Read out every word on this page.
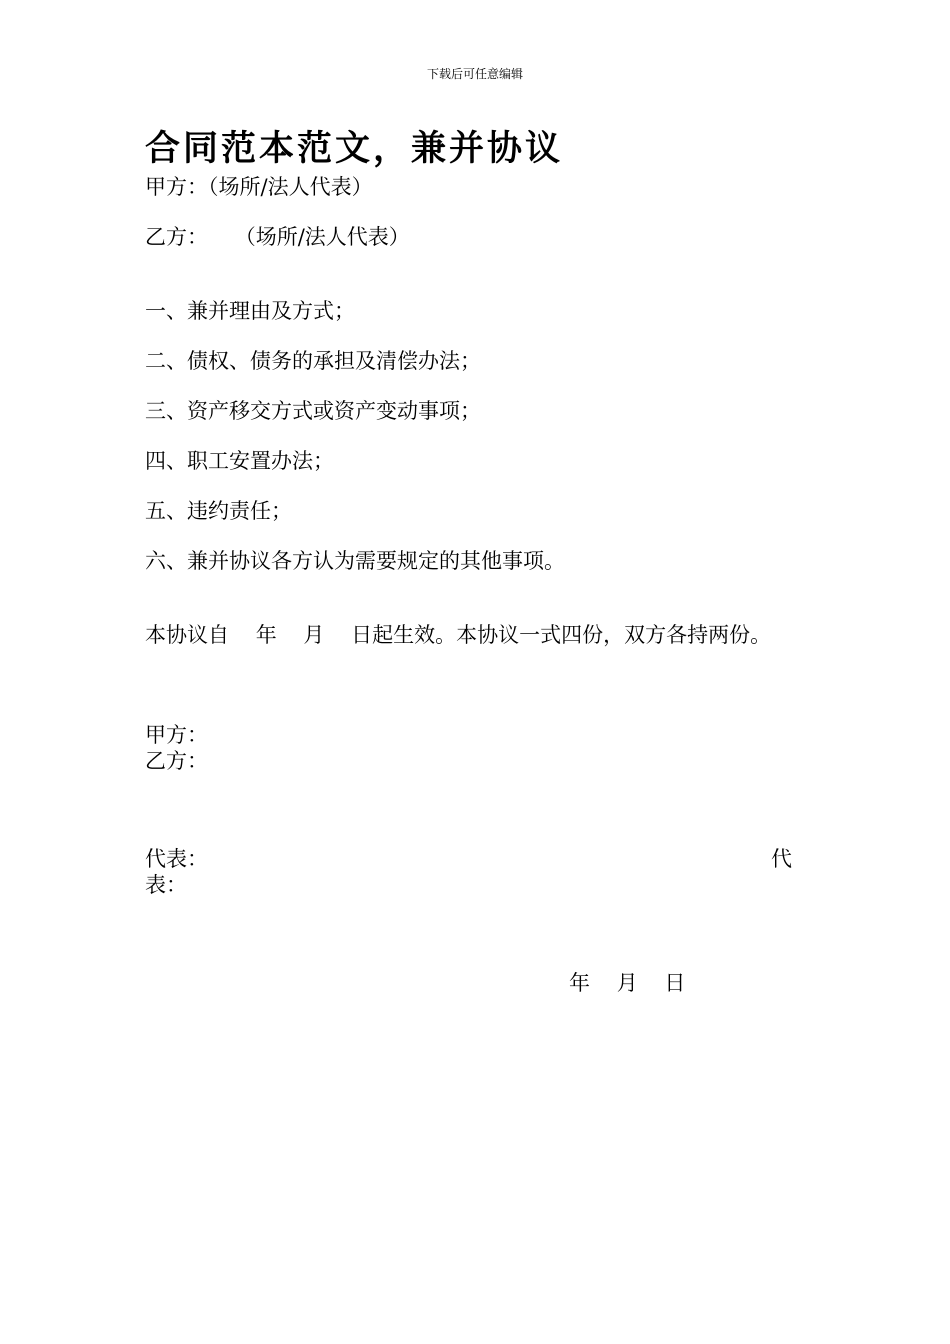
下载后可任意编辑
合同范本范文，兼并协议
甲方：（场所/法人代表）
乙方：    （场所/法人代表）
一、兼并理由及方式；
二、债权、债务的承担及清偿办法；
三、资产移交方式或资产变动事项；
四、职工安置办法；
五、违约责任；
六、兼并协议各方认为需要规定的其他事项。
本协议自    年    月    日起生效。本协议一式四份，双方各持两份。
甲方：
乙方：
代表：	代
表：
年    月    日
